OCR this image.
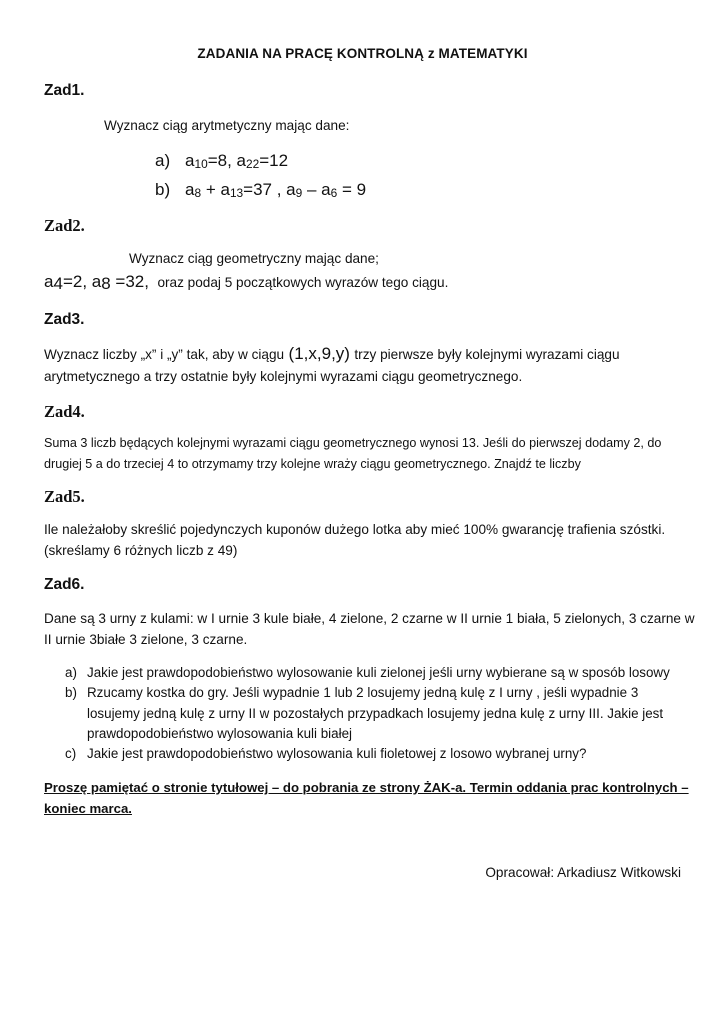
ZADANIA NA PRACĘ KONTROLNĄ z MATEMATYKI
Zad1.
Wyznacz ciąg arytmetyczny mając dane:
a) $a_{10}=8$, $a_{22}=12$
b) $a_8 + a_{13}=37$ , $a_9 - a_6 = 9$
Zad2.
Wyznacz ciąg geometryczny mając dane;
$a_4=2$, $a_8 =32$, oraz podaj 5 początkowych wyrazów tego ciągu.
Zad3.
Wyznacz liczby „x” i „y” tak, aby w ciągu (1,x,9,y) trzy pierwsze były kolejnymi wyrazami ciągu
arytmetycznego a trzy ostatnie były kolejnymi wyrazami ciągu geometrycznego.
Zad4.
Suma 3 liczb będących kolejnymi wyrazami ciągu geometrycznego wynosi 13. Jeśli do pierwszej dodamy 2, do
drugiej 5 a do trzeciej 4 to otrzymamy trzy kolejne wraży ciągu geometrycznego. Znajdź te liczby
Zad5.
Ile należałoby skreślić pojedynczych kuponów dużego lotka aby mieć 100% gwarancję trafienia szóstki.
(skreślamy 6 różnych liczb z 49)
Zad6.
Dane są 3 urny z kulami: w I urnie 3 kule białe, 4 zielone, 2 czarne w II urnie 1 biała, 5 zielonych, 3 czarne w
II urnie 3białe 3 zielone, 3 czarne.
a) Jakie jest prawdopodobieństwo wylosowanie kuli zielonej jeśli urny wybierane są w sposób losowy
b) Rzucamy kostka do gry. Jeśli wypadnie 1 lub 2 losujemy jedną kulę z I urny , jeśli wypadnie 3
losujemy jedną kulę z urny II w pozostałych przypadkach losujemy jedna kulę z urny III. Jakie jest
prawdopodobieństwo wylosowania kuli białej
c) Jakie jest prawdopodobieństwo wylosowania kuli fioletowej z losowo wybranej urny?
Proszę pamiętać o stronie tytułowej – do pobrania ze strony ŻAK-a. Termin oddania prac kontrolnych –
koniec marca.
Opracował: Arkadiusz Witkowski
